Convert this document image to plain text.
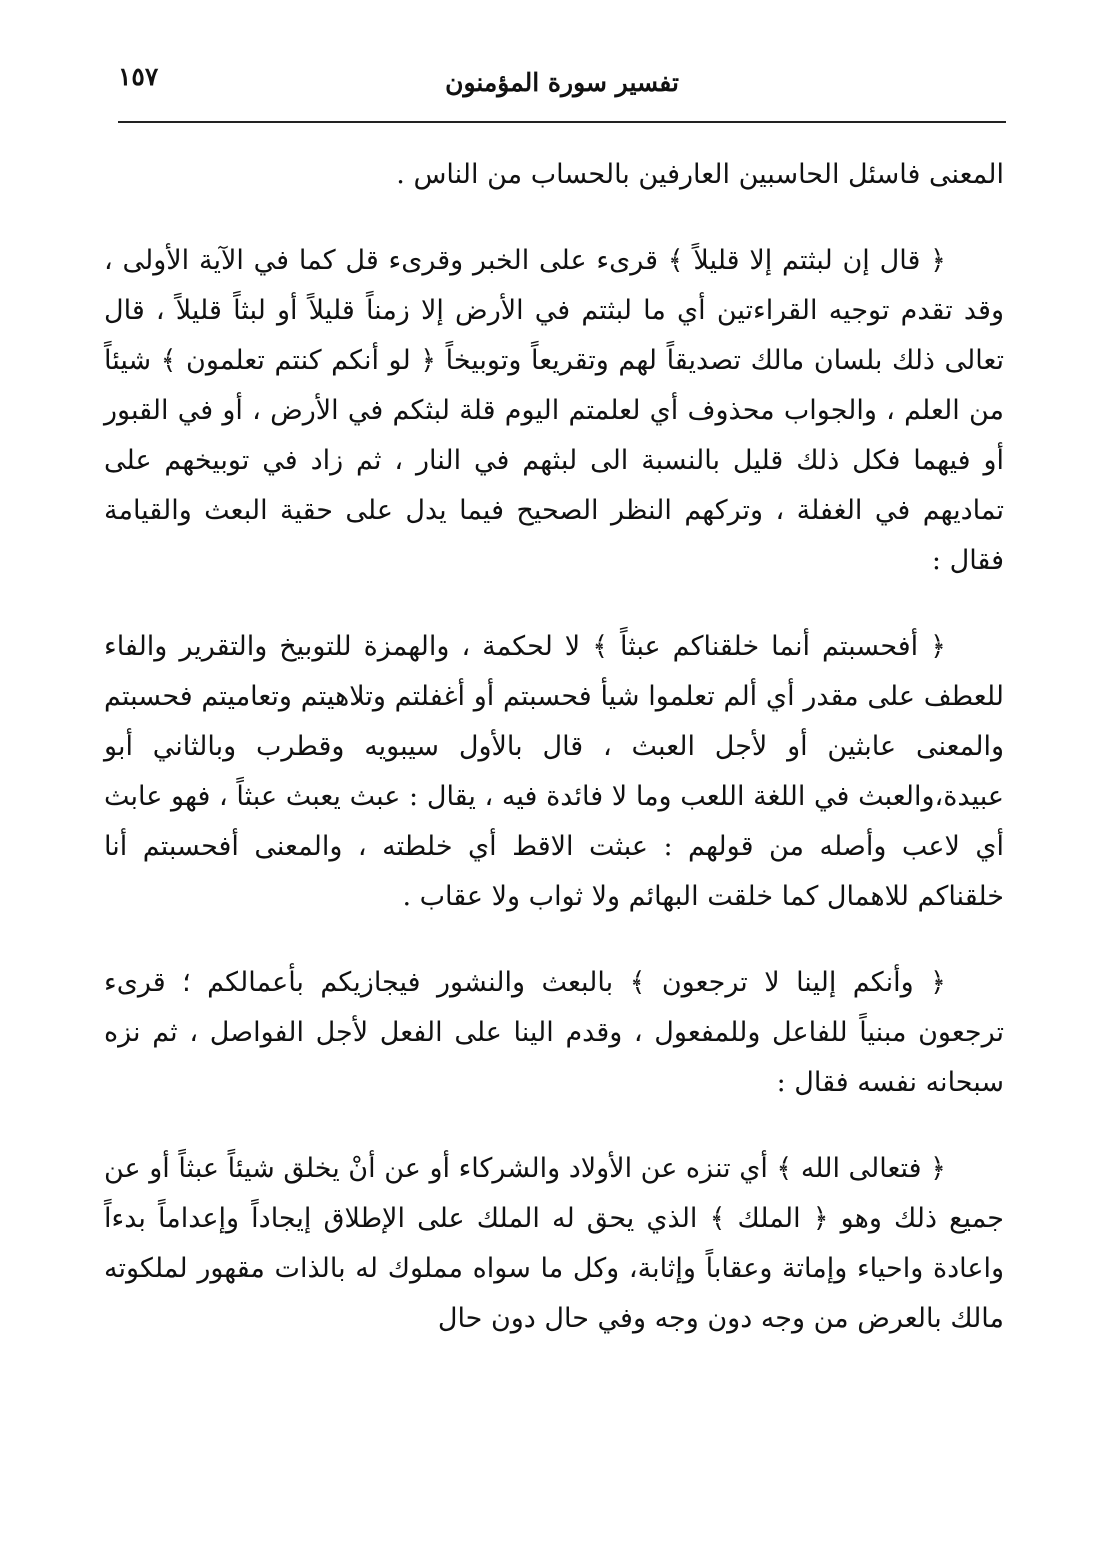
تفسير سورة المؤمنون
١٥٧

المعنى فاسئل الحاسبين العارفين بالحساب من الناس .

﴿ قال إن لبثتم إلا قليلاً ﴾ قرىء على الخبر وقرىء قل كما في الآية الأولى ، وقد تقدم توجيه القراءتين أي ما لبثتم في الأرض إلا زمناً قليلاً أو لبثاً قليلاً ، قال تعالى ذلك بلسان مالك تصديقاً لهم وتقريعاً وتوبيخاً ﴿ لو أنكم كنتم تعلمون ﴾ شيئاً من العلم ، والجواب محذوف أي لعلمتم اليوم قلة لبثكم في الأرض ، أو في القبور أو فيهما فكل ذلك قليل بالنسبة الى لبثهم في النار ، ثم زاد في توبيخهم على تماديهم في الغفلة ، وتركهم النظر الصحيح فيما يدل على حقية البعث والقيامة فقال :

﴿ أفحسبتم أنما خلقناكم عبثاً ﴾ لا لحكمة ، والهمزة للتوبيخ والتقرير والفاء للعطف على مقدر أي ألم تعلموا شيأ فحسبتم أو أغفلتم وتلاهيتم وتعاميتم فحسبتم والمعنى عابثين أو لأجل العبث ، قال بالأول سيبويه وقطرب وبالثاني أبو عبيدة،والعبث في اللغة اللعب وما لا فائدة فيه ، يقال : عبث يعبث عبثاً ، فهو عابث أي لاعب وأصله من قولهم : عبثت الاقط أي خلطته ، والمعنى أفحسبتم أنا خلقناكم للاهمال كما خلقت البهائم ولا ثواب ولا عقاب .

﴿ وأنكم إلينا لا ترجعون ﴾ بالبعث والنشور فيجازيكم بأعمالكم ؛ قرىء ترجعون مبنياً للفاعل وللمفعول ، وقدم الينا على الفعل لأجل الفواصل ، ثم نزه سبحانه نفسه فقال :

﴿ فتعالى الله ﴾ أي تنزه عن الأولاد والشركاء أو عن أنْ يخلق شيئاً عبثاً أو عن جميع ذلك وهو ﴿ الملك ﴾ الذي يحق له الملك على الإطلاق إيجاداً وإعداماً بدءاً واعادة واحياء وإماتة وعقاباً وإثابة، وكل ما سواه مملوك له بالذات مقهور لملكوته مالك بالعرض من وجه دون وجه وفي حال دون حال
